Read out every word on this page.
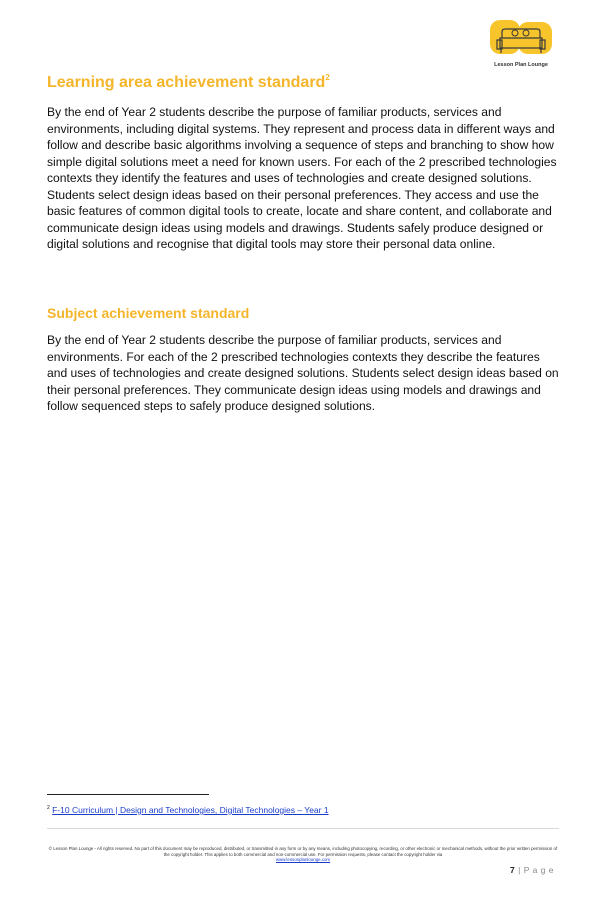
Lesson Plan Lounge
Learning area achievement standard$^2$

By the end of Year 2 students describe the purpose of familiar products, services and environments, including digital systems. They represent and process data in different ways and follow and describe basic algorithms involving a sequence of steps and branching to show how simple digital solutions meet a need for known users. For each of the 2 prescribed technologies contexts they identify the features and uses of technologies and create designed solutions. Students select design ideas based on their personal preferences. They access and use the basic features of common digital tools to create, locate and share content, and collaborate and communicate design ideas using models and drawings. Students safely produce designed or digital solutions and recognise that digital tools may store their personal data online.

Subject achievement standard

By the end of Year 2 students describe the purpose of familiar products, services and environments. For each of the 2 prescribed technologies contexts they describe the features and uses of technologies and create designed solutions. Students select design ideas based on their personal preferences. They communicate design ideas using models and drawings and follow sequenced steps to safely produce designed solutions.

$^2$ F-10 Curriculum | Design and Technologies, Digital Technologies – Year 1
© Lesson Plan Lounge - All rights reserved. No part of this document may be reproduced, distributed, or transmitted in any form or by any means, including photocopying, recording, or other electronic or mechanical methods, without the prior written permission of the copyright holder. This applies to both commercial and non-commercial use. For permission requests, please contact the copyright holder via
www.lessonplanlounge.com
7 | P a g e
